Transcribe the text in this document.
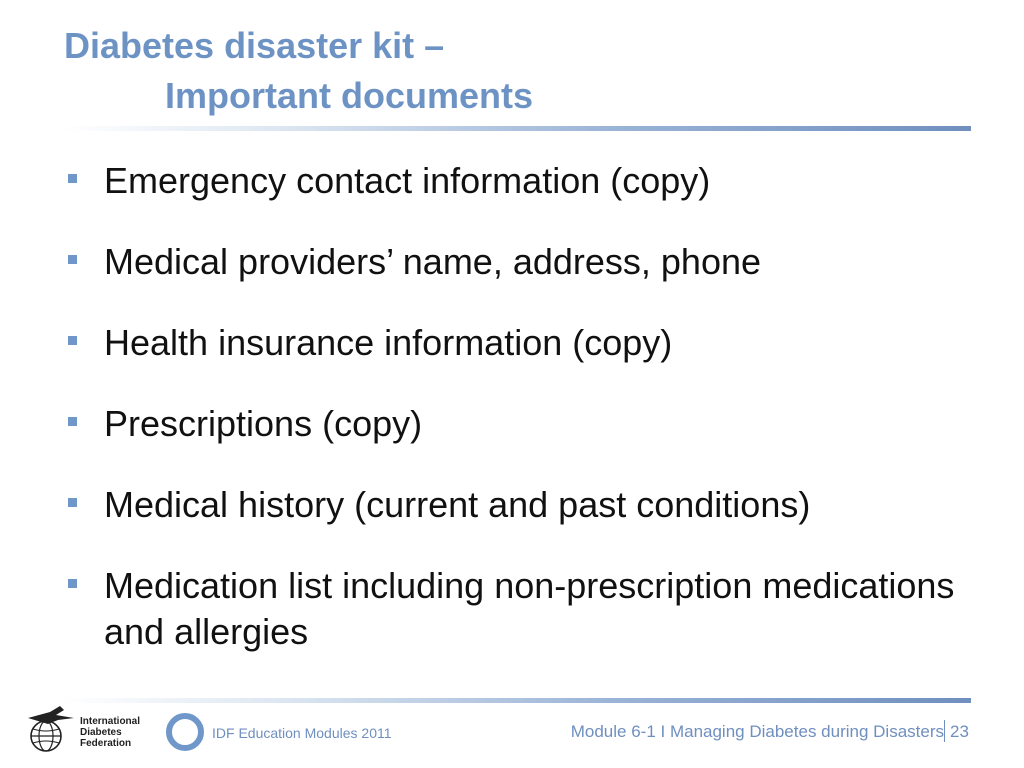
Diabetes disaster kit –
Important documents
Emergency contact information (copy)
Medical providers’ name, address, phone
Health insurance information (copy)
Prescriptions (copy)
Medical history (current and past conditions)
Medication list including non-prescription medications and allergies
International
Diabetes
Federation
IDF Education Modules 2011	Module 6-1 I Managing Diabetes during Disasters 23
